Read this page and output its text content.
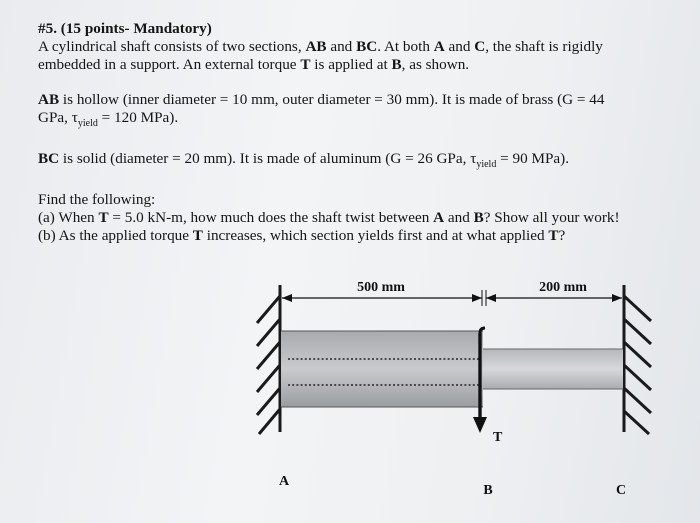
#5. (15 points- Mandatory)

A cylindrical shaft consists of two sections, AB and BC. At both A and C, the shaft is rigidly

embedded in a support. An external torque T is applied at B, as shown.

AB is hollow (inner diameter = 10 mm, outer diameter = 30 mm). It is made of brass (G = 44

GPa, $\tau_{yield} = 120$ MPa).

BC is solid (diameter = 20 mm). It is made of aluminum (G = 26 GPa, $\tau_{yield} = 90$ MPa).

Find the following:

(a) When T = 5.0 kN-m, how much does the shaft twist between A and B? Show all your work!

(b) As the applied torque T increases, which section yields first and at what applied T?

500 mm	200 mm
T
A
B	C
